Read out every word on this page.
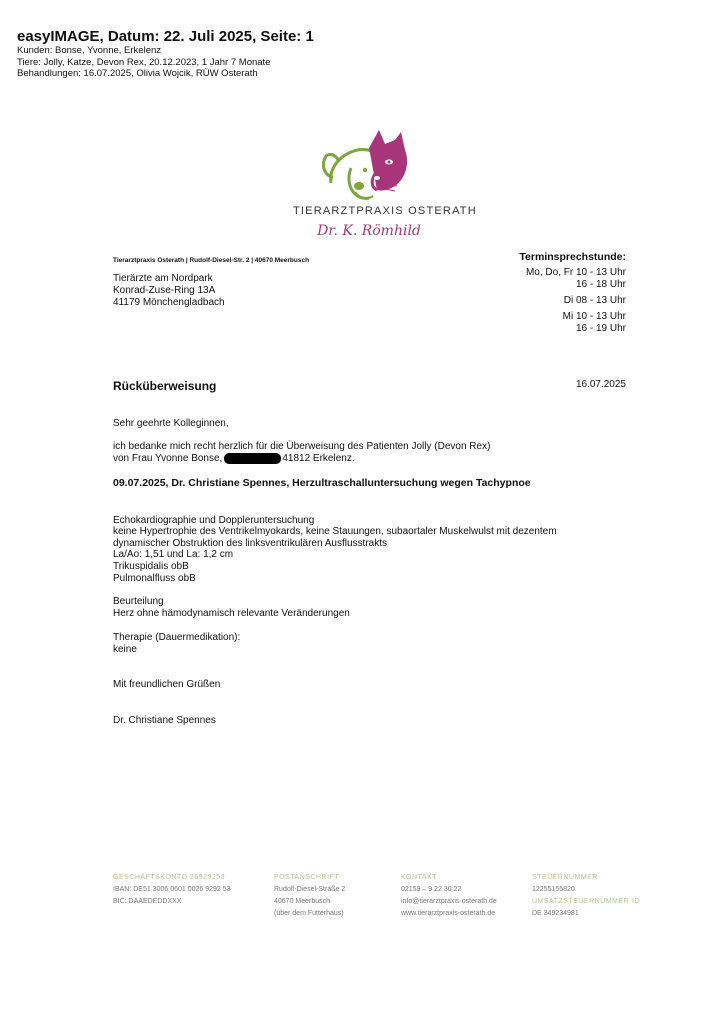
easyIMAGE, Datum: 22. Juli 2025, Seite: 1
Kunden: Bonse, Yvonne, Erkelenz
Tiere: Jolly, Katze, Devon Rex, 20.12.2023, 1 Jahr 7 Monate
Behandlungen: 16.07.2025, Olivia Wojcik, RÜW Osterath
TIERARZTPRAXIS OSTERATH
Dr. K. Römhild
Tierarztpraxis Osterath | Rudolf-Diesel-Str. 2 | 40670 Meerbusch
Tierärzte am Nordpark
Konrad-Zuse-Ring 13A
41179 Mönchengladbach
Terminsprechstunde:
Mo, Do, Fr 10 - 13 Uhr
16 - 18 Uhr
Di 08 - 13 Uhr
Mi 10 - 13 Uhr
16 - 19 Uhr
Rücküberweisung	16.07.2025
Sehr geehrte Kolleginnen,
ich bedanke mich recht herzlich für die Überweisung des Patienten Jolly (Devon Rex)
von Frau Yvonne Bonse,	41812 Erkelenz.
09.07.2025, Dr. Christiane Spennes, Herzultraschalluntersuchung wegen Tachypnoe
Echokardiographie und Doppleruntersuchung
keine Hypertrophie des Ventrikelmyokards, keine Stauungen, subaortaler Muskelwulst mit dezentem
dynamischer Obstruktion des linksventrikulären Ausflusstrakts
La/Ao: 1,51 und La: 1,2 cm
Trikuspidalis obB
Pulmonalfluss obB
Beurteilung
Herz ohne hämodynamisch relevante Veränderungen
Therapie (Dauermedikation):
keine
Mit freundlichen Grüßen
Dr. Christiane Spennes
GESCHÄFTSKONTO 26929253
IBAN: DE51 3006 0601 0026 9292 53
BIC: DAAEDEDDXXX
POSTANSCHRIFT
Rudolf-Diesel-Straße 2
40670 Meerbusch
(über dem Futterhaus)
KONTAKT
02159 – 9 22 30 22
info@tierarztpraxis-osterath.de
www.tierarztpraxis-osterath.de
STEUERNUMMER
12255155820
UMSATZSTEUERNUMMER-ID
DE 349234981
